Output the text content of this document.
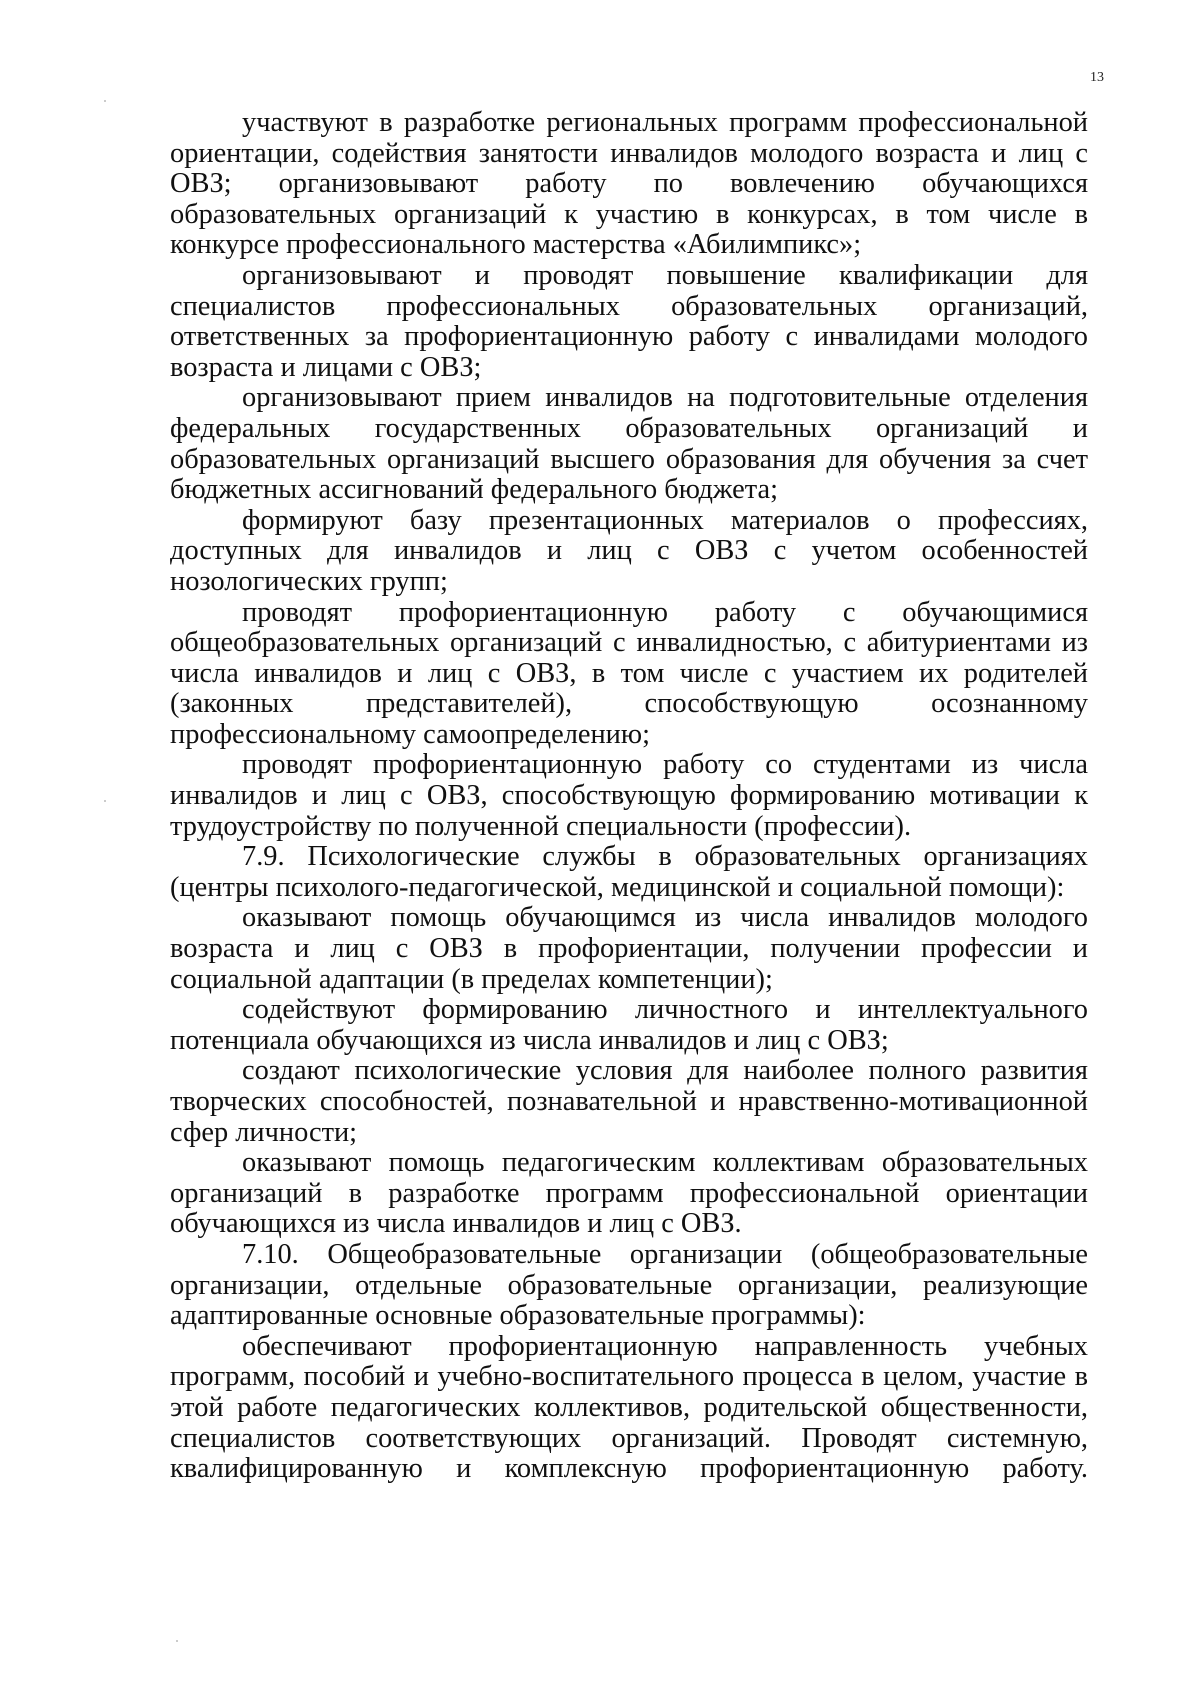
13

участвуют в разработке региональных программ профессиональной ориентации, содействия занятости инвалидов молодого возраста и лиц с ОВЗ; организовывают работу по вовлечению обучающихся образовательных организаций к участию в конкурсах, в том числе в конкурсе профессионального мастерства «Абилимпикс»;

организовывают и проводят повышение квалификации для специалистов профессиональных образовательных организаций, ответственных за профориентационную работу с инвалидами молодого возраста и лицами с ОВЗ;

организовывают прием инвалидов на подготовительные отделения федеральных государственных образовательных организаций и образовательных организаций высшего образования для обучения за счет бюджетных ассигнований федерального бюджета;

формируют базу презентационных материалов о профессиях, доступных для инвалидов и лиц с ОВЗ с учетом особенностей нозологических групп;

проводят профориентационную работу с обучающимися общеобразовательных организаций с инвалидностью, с абитуриентами из числа инвалидов и лиц с ОВЗ, в том числе с участием их родителей (законных представителей), способствующую осознанному профессиональному самоопределению;

проводят профориентационную работу со студентами из числа инвалидов и лиц с ОВЗ, способствующую формированию мотивации к трудоустройству по полученной специальности (профессии).

7.9. Психологические службы в образовательных организациях (центры психолого-педагогической, медицинской и социальной помощи):

оказывают помощь обучающимся из числа инвалидов молодого возраста и лиц с ОВЗ в профориентации, получении профессии и социальной адаптации (в пределах компетенции);

содействуют формированию личностного и интеллектуального потенциала обучающихся из числа инвалидов и лиц с ОВЗ;

создают психологические условия для наиболее полного развития творческих способностей, познавательной и нравственно-мотивационной сфер личности;

оказывают помощь педагогическим коллективам образовательных организаций в разработке программ профессиональной ориентации обучающихся из числа инвалидов и лиц с ОВЗ.

7.10. Общеобразовательные организации (общеобразовательные организации, отдельные образовательные организации, реализующие адаптированные основные образовательные программы):

обеспечивают профориентационную направленность учебных программ, пособий и учебно-воспитательного процесса в целом, участие в этой работе педагогических коллективов, родительской общественности, специалистов соответствующих организаций. Проводят системную, квалифицированную и комплексную профориентационную работу.
